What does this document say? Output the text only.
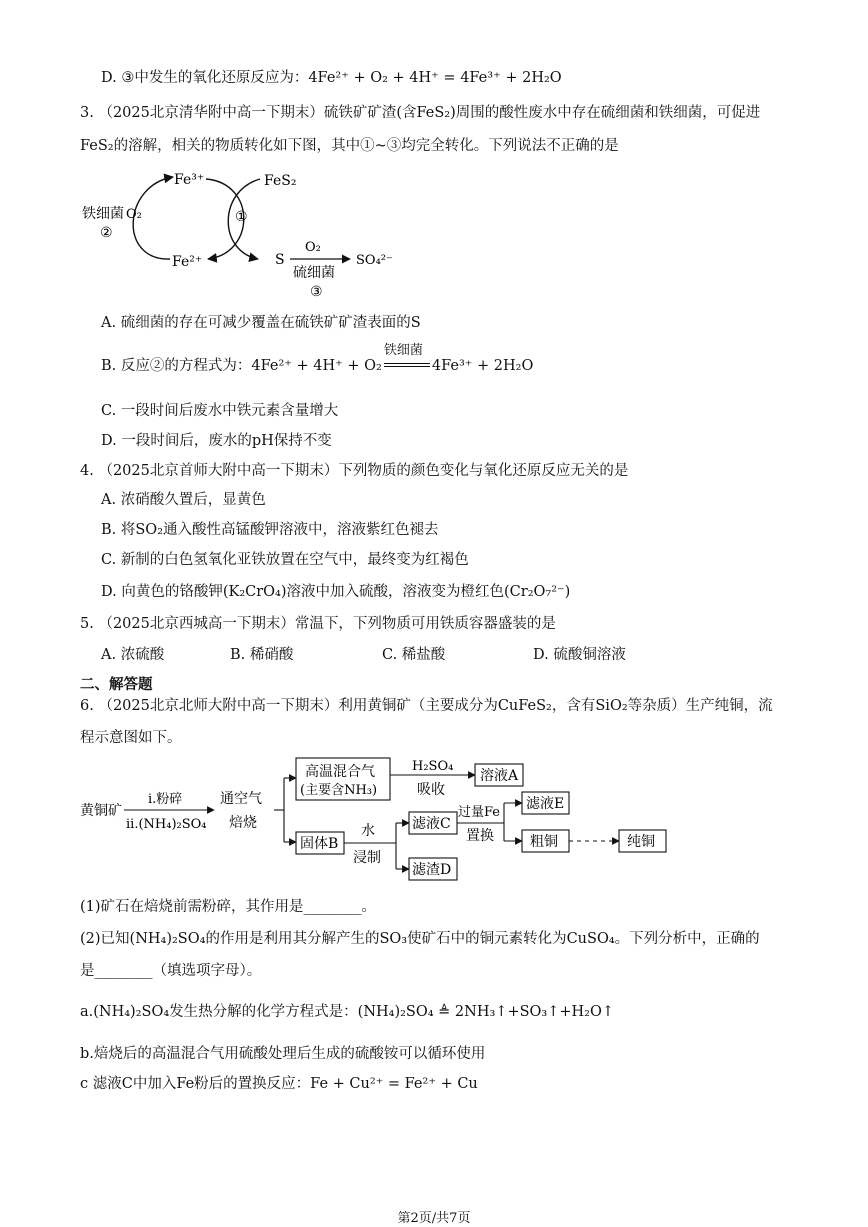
D. ③中发生的氧化还原反应为：4Fe²⁺ + O₂ + 4H⁺ = 4Fe³⁺ + 2H₂O
3. （2025北京清华附中高一下期末）硫铁矿矿渣(含FeS₂)周围的酸性废水中存在硫细菌和铁细菌，可促进
FeS₂的溶解，相关的物质转化如下图，其中①~③均完全转化。下列说法不正确的是
Fe³⁺	FeS₂
铁细菌 O₂
②
①
Fe²⁺	S
O₂
硫细菌
③
SO₄²⁻
A. 硫细菌的存在可减少覆盖在硫铁矿矿渣表面的S
B. 反应②的方程式为：4Fe²⁺ + 4H⁺ + O₂
铁细菌
4Fe³⁺ + 2H₂O
C. 一段时间后废水中铁元素含量增大
D. 一段时间后，废水的pH保持不变
4. （2025北京首师大附中高一下期末）下列物质的颜色变化与氧化还原反应无关的是
A. 浓硝酸久置后，显黄色
B. 将SO₂通入酸性高锰酸钾溶液中，溶液紫红色褪去
C. 新制的白色氢氧化亚铁放置在空气中，最终变为红褐色
D. 向黄色的铬酸钾(K₂CrO₄)溶液中加入硫酸，溶液变为橙红色(Cr₂O₇²⁻)
5. （2025北京西城高一下期末）常温下，下列物质可用铁质容器盛装的是
A. 浓硫酸	B. 稀硝酸	C. 稀盐酸	D. 硫酸铜溶液
二、解答题
6. （2025北京北师大附中高一下期末）利用黄铜矿（主要成分为CuFeS₂，含有SiO₂等杂质）生产纯铜，流
程示意图如下。
黄铜矿
i.粉碎
ii.(NH₄)₂SO₄
通空气
焙烧
高温混合气
(主要含NH₃)
H₂SO₄
吸收
溶液A
固体B
水
浸制
滤液C
滤渣D
过量Fe
置换
滤液E
粗铜	纯铜
(1)矿石在焙烧前需粉碎，其作用是________。
(2)已知(NH₄)₂SO₄的作用是利用其分解产生的SO₃使矿石中的铜元素转化为CuSO₄。下列分析中，正确的
是________（填选项字母）。
a.(NH₄)₂SO₄发生热分解的化学方程式是：(NH₄)₂SO₄ ≜ 2NH₃↑+SO₃↑+H₂O↑
b.焙烧后的高温混合气用硫酸处理后生成的硫酸铵可以循环使用
c 滤液C中加入Fe粉后的置换反应：Fe + Cu²⁺ = Fe²⁺ + Cu
第2页/共7页
